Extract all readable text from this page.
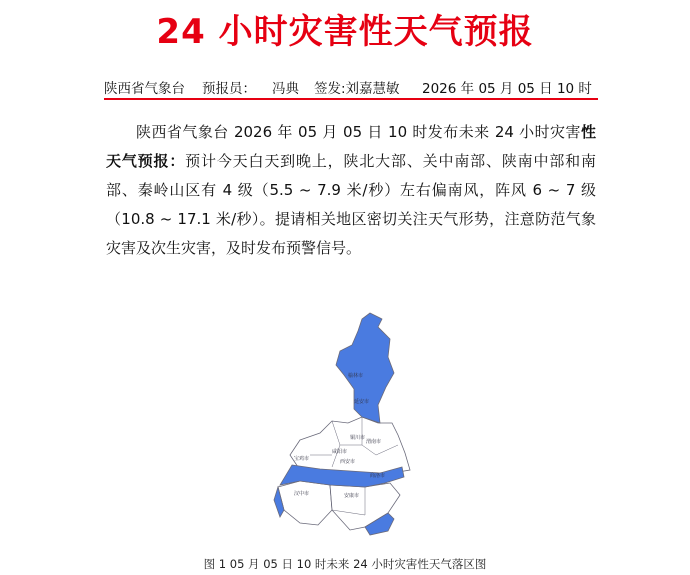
24 小时灾害性天气预报
陕西省气象台 预报员： 冯典 签发:刘嘉慧敏 2026 年 05 月 05 日 10 时

陕西省气象台 2026 年 05 月 05 日 10 时发布未来 24 小时灾害性天气预报：预计今天白天到晚上，陕北大部、关中南部、陕南中部和南部、秦岭山区有 4 级（5.5 ~ 7.9 米/秒）左右偏南风，阵风 6 ~ 7 级（10.8 ~ 17.1 米/秒）。提请相关地区密切关注天气形势，注意防范气象灾害及次生灾害，及时发布预警信号。

榆林市
延安市
铜川市
渭南市
宝鸡市
咸阳市
西安市
商洛市
汉中市	安康市
图 1 05 月 05 日 10 时未来 24 小时灾害性天气落区图
